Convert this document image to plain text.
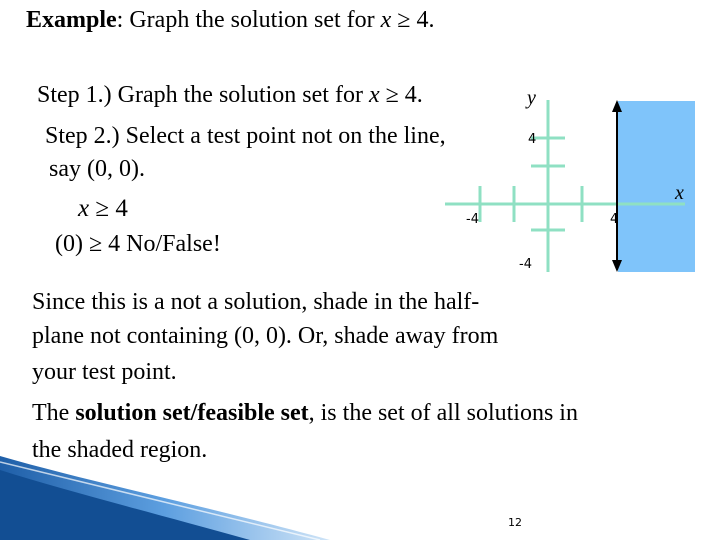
Example: Graph the solution set for x ≥ 4.
Step 1.) Graph the solution set for x ≥ 4.
Step 2.) Select a test point not on the line,
say (0, 0).
x ≥ 4
(0) ≥ 4 No/False!
y
x
4
-4
-4	4
Since this is a not a solution, shade in the half-
plane not containing (0, 0). Or, shade away from
your test point.
The solution set/feasible set, is the set of all solutions in
the shaded region.
12
